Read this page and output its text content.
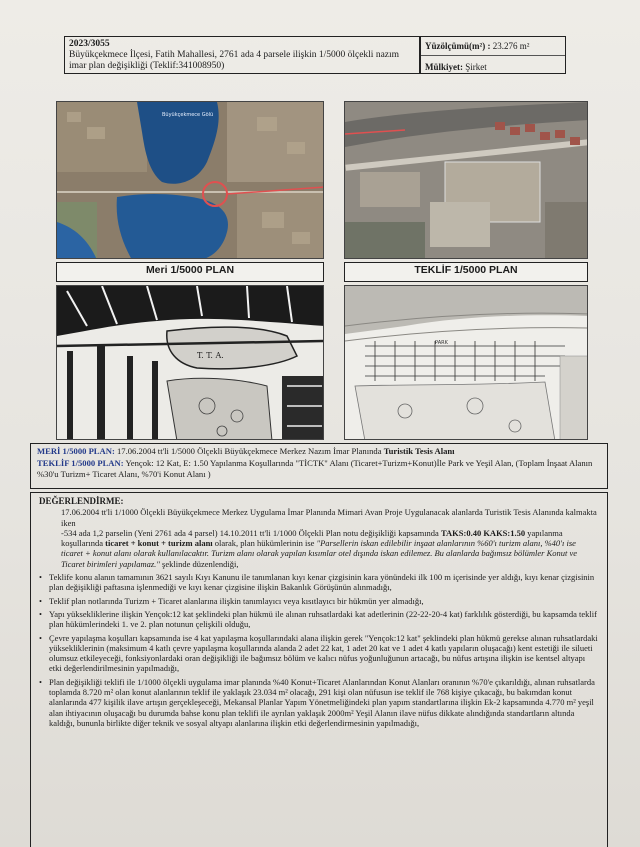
2023/3055
Büyükçekmece İlçesi, Fatih Mahallesi, 2761 ada 4 parsele ilişkin 1/5000 ölçekli nazım imar plan değişikliği (Teklif:341008950)
Yüzölçümü(m²) : 23.276 m²
Mülkiyet: Şirket
Büyükçekmece Gölü
Meri 1/5000 PLAN	TEKLİF 1/5000 PLAN
T. T. A.
PARK
MERİ 1/5000 PLAN: 17.06.2004 tt'li 1/5000 Ölçekli Büyükçekmece Merkez Nazım İmar Planında Turistik Tesis Alanı
TEKLİF 1/5000 PLAN: Yençok: 12 Kat, E: 1.50 Yapılanma Koşullarında "TİCTK" Alanı (Ticaret+Turizm+Konut)İle Park ve Yeşil Alan, (Toplam İnşaat Alanın %30'u Turizm+ Ticaret Alanı, %70'i Konut Alanı )
DEĞERLENDİRME:
17.06.2004 tt'li 1/1000 Ölçekli Büyükçekmece Merkez Uygulama İmar Planında Mimari Avan Proje Uygulanacak alanlarda Turistik Tesis Alanında kalmakta iken
-534 ada 1,2 parselin (Yeni 2761 ada 4 parsel) 14.10.2011 tt'li 1/1000 Ölçekli Plan notu değişikliği kapsamında TAKS:0.40 KAKS:1.50 yapılanma koşullarında ticaret + konut + turizm alanı olarak, plan hükümlerinin ise "Parsellerin iskan edilebilir inşaat alanlarının %60'ı turizm alanı, %40'ı ise ticaret + konut alanı olarak kullanılacaktır. Turizm alanı olarak yapılan kısımlar otel dışında iskan edilemez. Bu alanlarda bağımsız bölümler Konut ve Ticaret birimleri yapılamaz." şeklinde düzenlendiği,
• Teklife konu alanın tamamının 3621 sayılı Kıyı Kanunu ile tanımlanan kıyı kenar çizgisinin kara yönündeki ilk 100 m içerisinde yer aldığı, kıyı kenar çizgisinin plan değişikliği paftasına işlenmediği ve kıyı kenar çizgisine ilişkin Bakanlık Görüşünün alınmadığı,
• Teklif plan notlarında Turizm + Ticaret alanlarına ilişkin tanımlayıcı veya kısıtlayıcı bir hükmün yer almadığı,
• Yapı yüksekliklerine ilişkin Yençok:12 kat şeklindeki plan hükmü ile alınan ruhsatlardaki kat adetlerinin (22-22-20-4 kat) farklılık gösterdiği, bu kapsamda teklif plan hükümlerindeki 1. ve 2. plan notunun çelişkili olduğu,
• Çevre yapılaşma koşulları kapsamında ise 4 kat yapılaşma koşullarındaki alana ilişkin gerek "Yençok:12 kat" şeklindeki plan hükmü gerekse alınan ruhsatlardaki yüksekliklerinin (maksimum 4 katlı çevre yapılaşma koşullarında alanda 2 adet 22 kat, 1 adet 20 kat ve 1 adet 4 katlı yapıların oluşacağı) kent estetiği ile silueti olumsuz etkileyeceği, fonksiyonlardaki oran değişikliği ile bağımsız bölüm ve kalıcı nüfus yoğunluğunun artacağı, bu nüfus artışına ilişkin ise kentsel altyapı etki değerlendirilmesinin yapılmadığı,
• Plan değişikliği teklifi ile 1/1000 ölçekli uygulama imar planında %40 Konut+Ticaret Alanlarından Konut Alanları oranının %70'e çıkarıldığı, alınan ruhsatlarda toplamda 8.720 m² olan konut alanlarının teklif ile yaklaşık 23.034 m² olacağı, 291 kişi olan nüfusun ise teklif ile 768 kişiye çıkacağı, bu bakımdan konut alanlarında 477 kişilik ilave artışın gerçekleşeceği, Mekansal Planlar Yapım Yönetmeliğindeki plan yapım standartlarına ilişkin Ek-2 kapsamında 4.770 m² yeşil alan ihtiyacının oluşacağı bu durumda bahse konu plan teklifi ile ayrılan yaklaşık 2000m² Yeşil Alanın ilave nüfus dikkate alındığında standartların altında kaldığı, bununla birlikte diğer teknik ve sosyal altyapı alanlarına ilişkin etki değerlendirmesinin yapılmadığı,
